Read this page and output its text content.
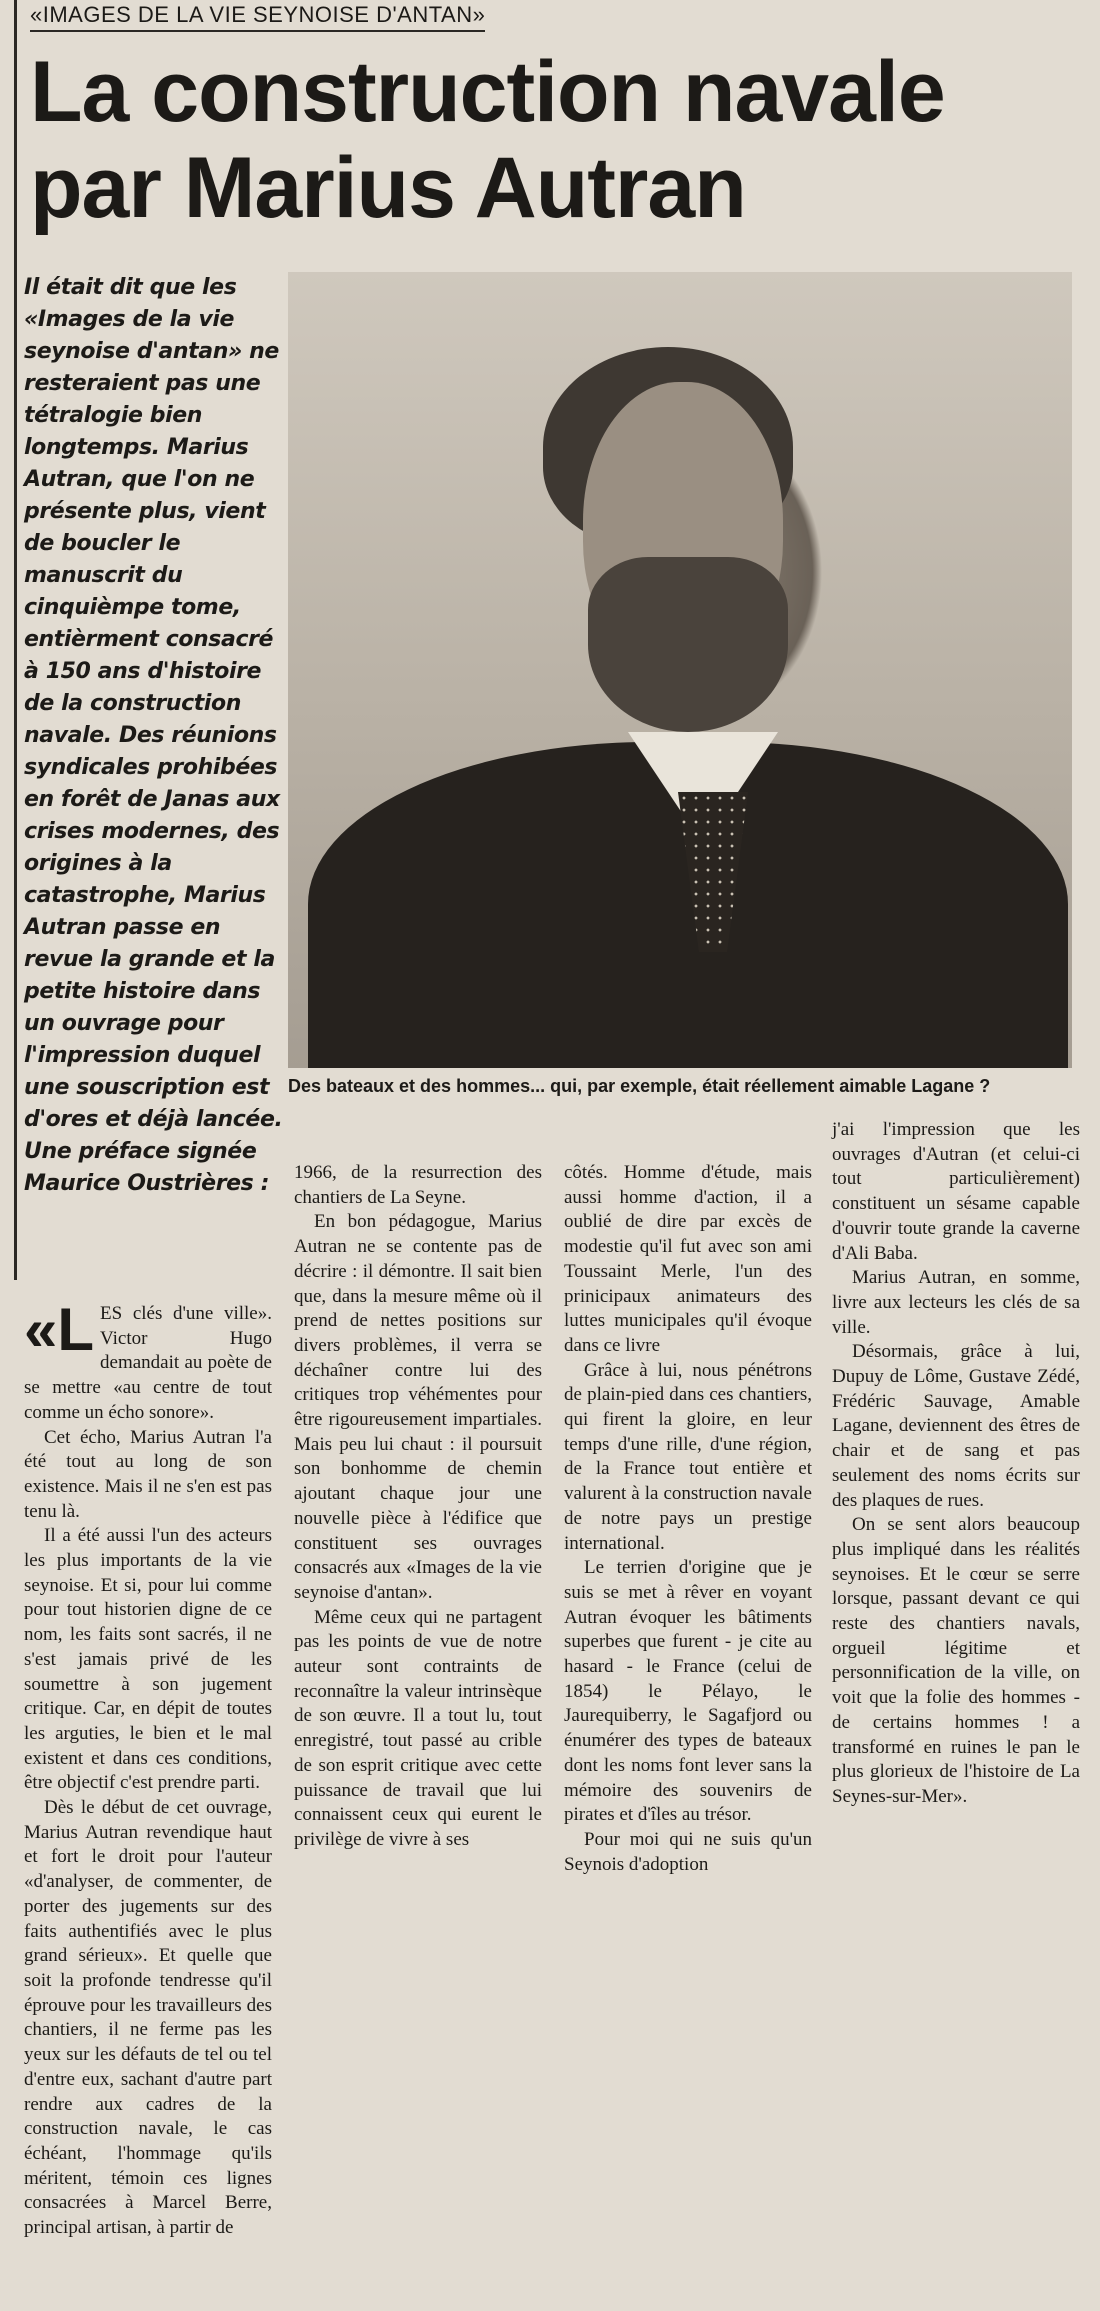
«IMAGES DE LA VIE SEYNOISE D'ANTAN»
La construction navale
par Marius Autran
Il était dit que les «Images de la vie seynoise d'antan» ne resteraient pas une tétralogie bien longtemps. Marius Autran, que l'on ne présente plus, vient de boucler le manuscrit du cinquièmpe tome, entièrment consacré à 150 ans d'histoire de la construction navale. Des réunions syndicales prohibées en forêt de Janas aux crises modernes, des origines à la catastrophe, Marius Autran passe en revue la grande et la petite histoire dans un ouvrage pour l'impression duquel une souscription est d'ores et déjà lancée. Une préface signée Maurice Oustrières :
Des bateaux et des hommes... qui, par exemple, était réellement aimable Lagane ?

«LES clés d'une ville». Victor Hugo demandait au poète de se mettre «au centre de tout comme un écho sonore».

Cet écho, Marius Autran l'a été tout au long de son existence. Mais il ne s'en est pas tenu là.

Il a été aussi l'un des acteurs les plus importants de la vie seynoise. Et si, pour lui comme pour tout historien digne de ce nom, les faits sont sacrés, il ne s'est jamais privé de les soumettre à son jugement critique. Car, en dépit de toutes les arguties, le bien et le mal existent et dans ces conditions, être objectif c'est prendre parti.

Dès le début de cet ouvrage, Marius Autran revendique haut et fort le droit pour l'auteur «d'analyser, de commenter, de porter des jugements sur des faits authentifiés avec le plus grand sérieux». Et quelle que soit la profonde tendresse qu'il éprouve pour les travailleurs des chantiers, il ne ferme pas les yeux sur les défauts de tel ou tel d'entre eux, sachant d'autre part rendre aux cadres de la construction navale, le cas échéant, l'hommage qu'ils méritent, témoin ces lignes consacrées à Marcel Berre, principal artisan, à partir de

1966, de la resurrection des chantiers de La Seyne.

En bon pédagogue, Marius Autran ne se contente pas de décrire : il démontre. Il sait bien que, dans la mesure même où il prend de nettes positions sur divers problèmes, il verra se déchaîner contre lui des critiques trop véhémentes pour être rigoureusement impartiales. Mais peu lui chaut : il poursuit son bonhomme de chemin ajoutant chaque jour une nouvelle pièce à l'édifice que constituent ses ouvrages consacrés aux «Images de la vie seynoise d'antan».

Même ceux qui ne partagent pas les points de vue de notre auteur sont contraints de reconnaître la valeur intrinsèque de son œuvre. Il a tout lu, tout enregistré, tout passé au crible de son esprit critique avec cette puissance de travail que lui connaissent ceux qui eurent le privilège de vivre à ses

côtés. Homme d'étude, mais aussi homme d'action, il a oublié de dire par excès de modestie qu'il fut avec son ami Toussaint Merle, l'un des prinicipaux animateurs des luttes municipales qu'il évoque dans ce livre

Grâce à lui, nous pénétrons de plain-pied dans ces chantiers, qui firent la gloire, en leur temps d'une rille, d'une région, de la France tout entière et valurent à la construction navale de notre pays un prestige international.

Le terrien d'origine que je suis se met à rêver en voyant Autran évoquer les bâtiments superbes que furent - je cite au hasard - le France (celui de 1854) le Pélayo, le Jaurequiberry, le Sagafjord ou énumérer des types de bateaux dont les noms font lever sans la mémoire des souvenirs de pirates et d'îles au trésor.

Pour moi qui ne suis qu'un Seynois d'adoption

j'ai l'impression que les ouvrages d'Autran (et celui-ci tout particulièrement) constituent un sésame capable d'ouvrir toute grande la caverne d'Ali Baba.

Marius Autran, en somme, livre aux lecteurs les clés de sa ville.

Désormais, grâce à lui, Dupuy de Lôme, Gustave Zédé, Frédéric Sauvage, Amable Lagane, deviennent des êtres de chair et de sang et pas seulement des noms écrits sur des plaques de rues.

On se sent alors beaucoup plus impliqué dans les réalités seynoises. Et le cœur se serre lorsque, passant devant ce qui reste des chantiers navals, orgueil légitime et personnification de la ville, on voit que la folie des hommes - de certains hommes ! a transformé en ruines le pan le plus glorieux de l'histoire de La Seynes-sur-Mer».
